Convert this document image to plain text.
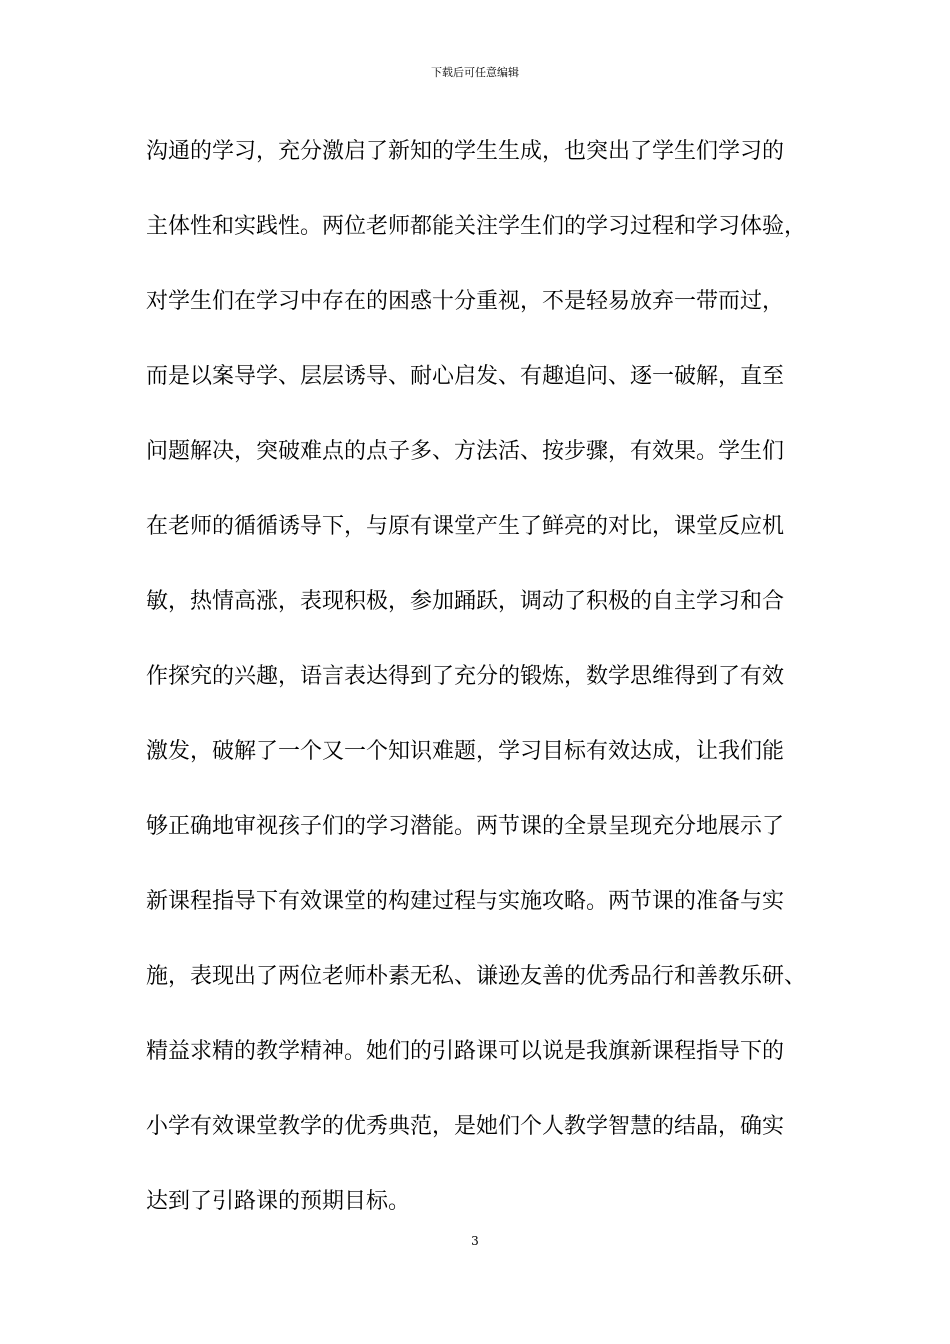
下载后可任意编辑
沟通的学习，充分激启了新知的学生生成，也突出了学生们学习的
主体性和实践性。两位老师都能关注学生们的学习过程和学习体验，
对学生们在学习中存在的困惑十分重视，不是轻易放弃一带而过，
而是以案导学、层层诱导、耐心启发、有趣追问、逐一破解，直至
问题解决，突破难点的点子多、方法活、按步骤，有效果。学生们
在老师的循循诱导下，与原有课堂产生了鲜亮的对比，课堂反应机
敏，热情高涨，表现积极，参加踊跃，调动了积极的自主学习和合
作探究的兴趣，语言表达得到了充分的锻炼，数学思维得到了有效
激发，破解了一个又一个知识难题，学习目标有效达成，让我们能
够正确地审视孩子们的学习潜能。两节课的全景呈现充分地展示了
新课程指导下有效课堂的构建过程与实施攻略。两节课的准备与实
施，表现出了两位老师朴素无私、谦逊友善的优秀品行和善教乐研、
精益求精的教学精神。她们的引路课可以说是我旗新课程指导下的
小学有效课堂教学的优秀典范，是她们个人教学智慧的结晶，确实
达到了引路课的预期目标。
3
